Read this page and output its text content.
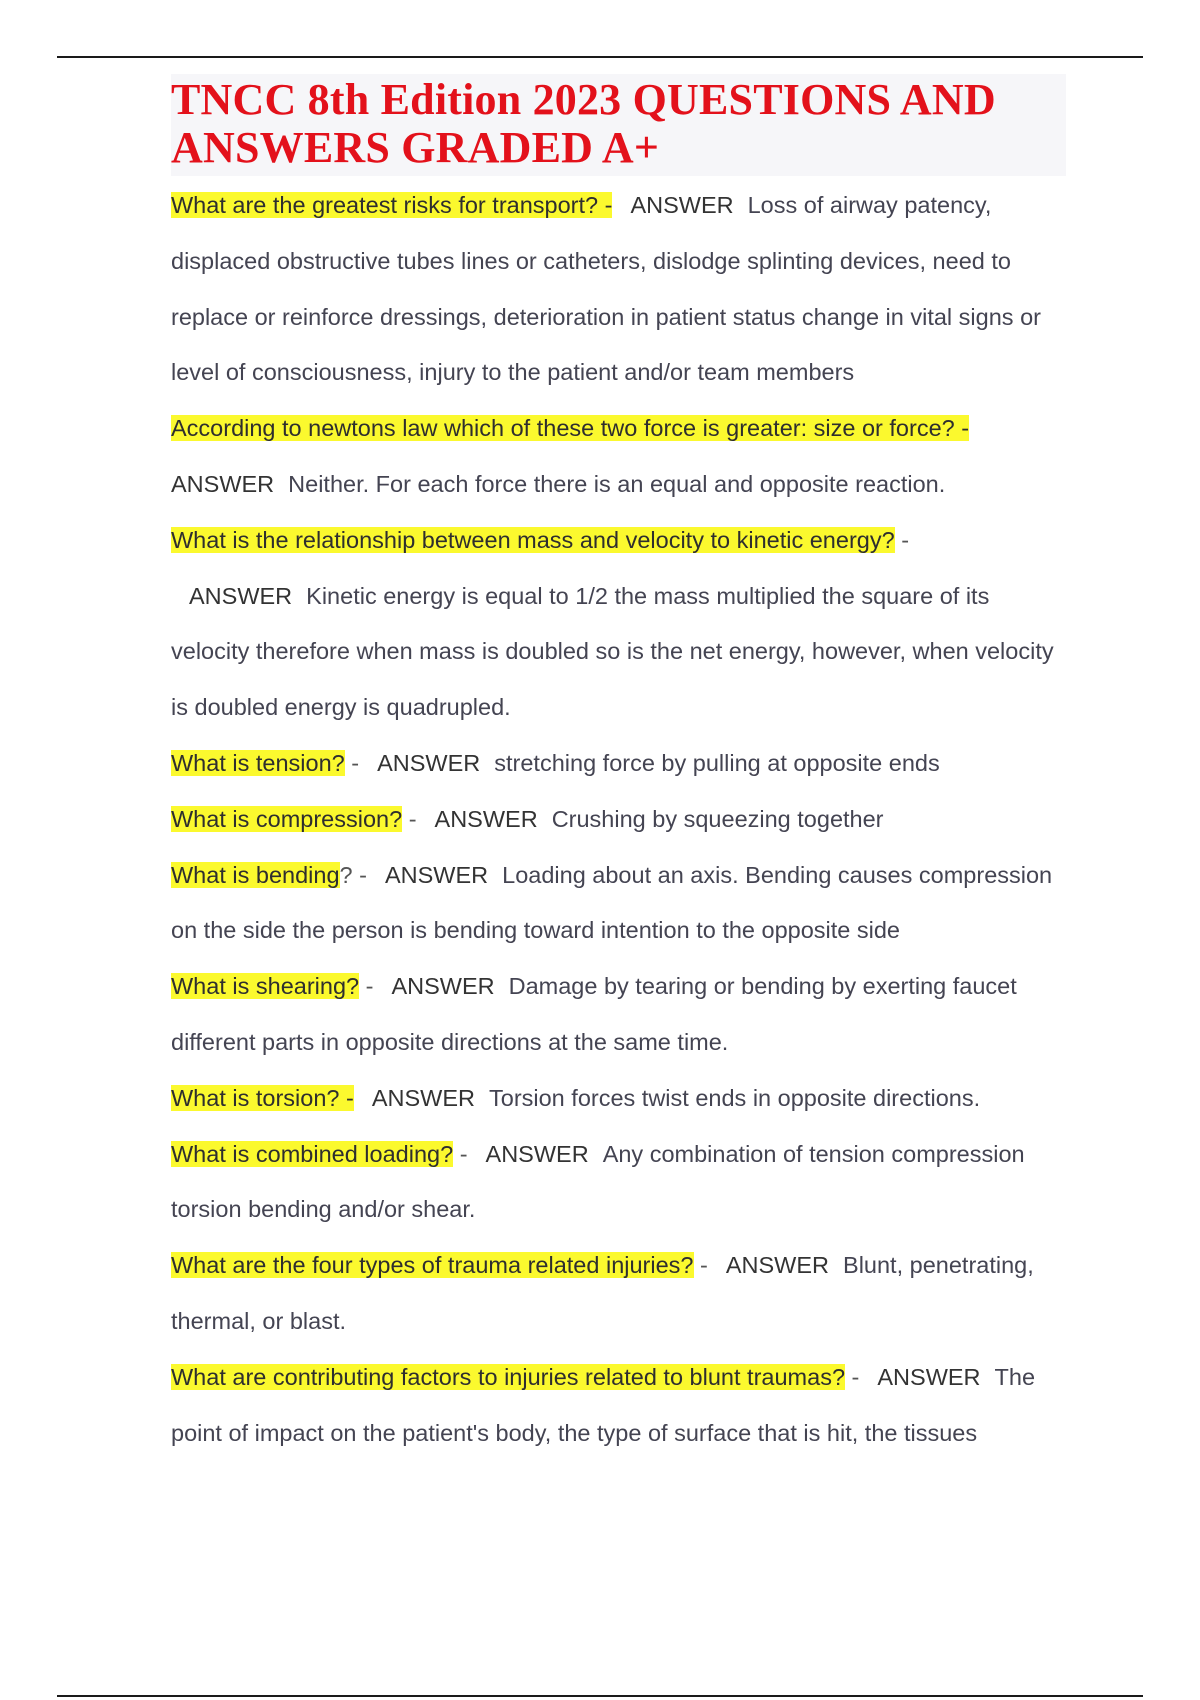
TNCC 8th Edition 2023 QUESTIONS AND ANSWERS GRADED A+

What are the greatest risks for transport? - ANSWER Loss of airway patency, displaced obstructive tubes lines or catheters, dislodge splinting devices, need to replace or reinforce dressings, deterioration in patient status change in vital signs or level of consciousness, injury to the patient and/or team members

According to newtons law which of these two force is greater: size or force? -
ANSWER Neither. For each force there is an equal and opposite reaction.

What is the relationship between mass and velocity to kinetic energy? -ANSWER Kinetic energy is equal to 1/2 the mass multiplied the square of its velocity therefore when mass is doubled so is the net energy, however, when velocity is doubled energy is quadrupled.

What is tension? - ANSWER stretching force by pulling at opposite ends

What is compression? - ANSWER Crushing by squeezing together

What is bending? - ANSWER Loading about an axis. Bending causes compression on the side the person is bending toward intention to the opposite side

What is shearing? - ANSWER Damage by tearing or bending by exerting faucet different parts in opposite directions at the same time.

What is torsion? - ANSWER Torsion forces twist ends in opposite directions.

What is combined loading? - ANSWER Any combination of tension compression torsion bending and/or shear.

What are the four types of trauma related injuries? - ANSWER Blunt, penetrating, thermal, or blast.

What are contributing factors to injuries related to blunt traumas? - ANSWER The point of impact on the patient's body, the type of surface that is hit, the tissues
